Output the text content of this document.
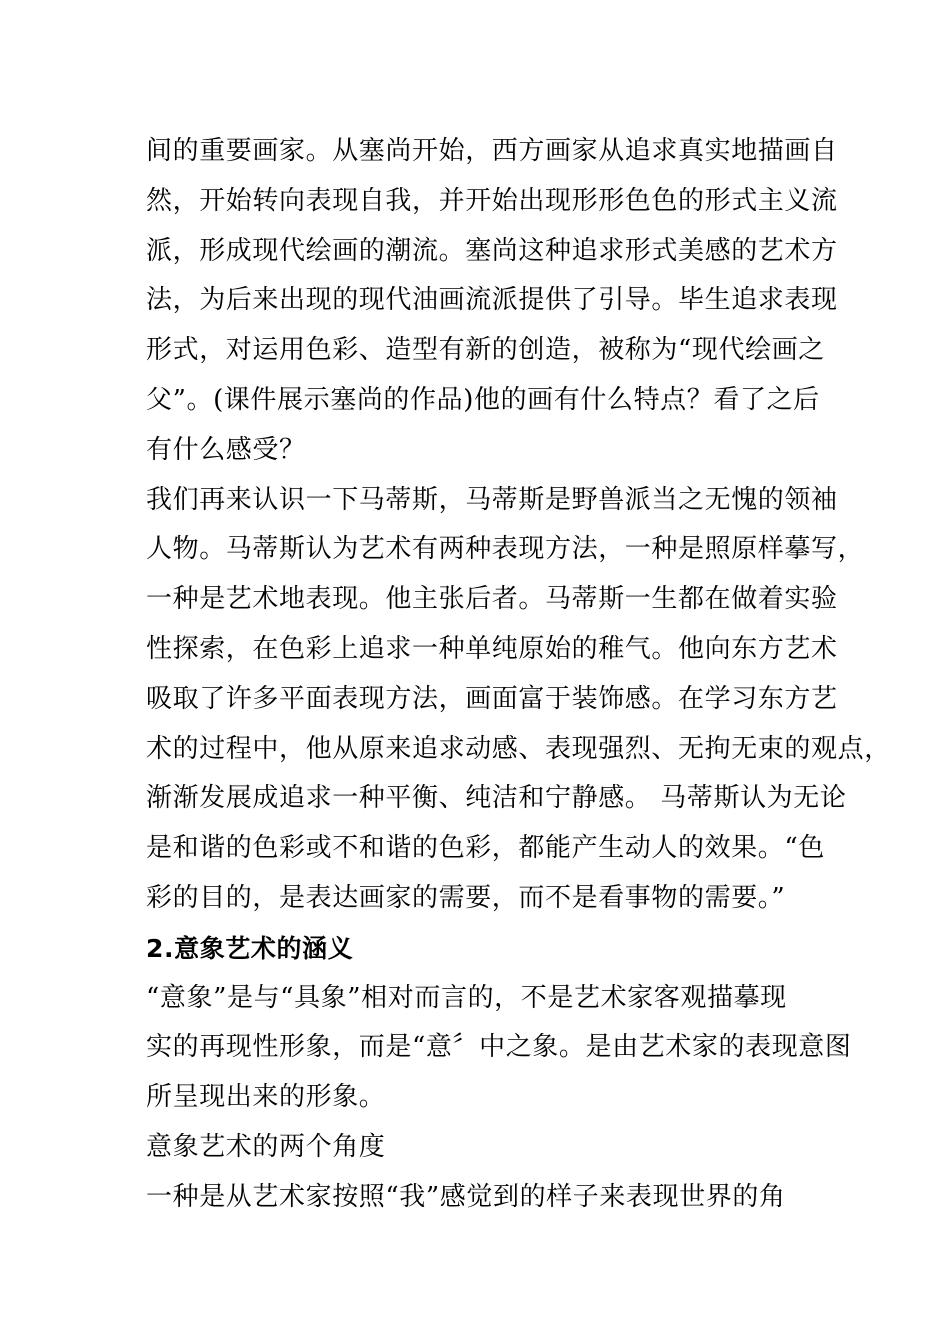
间的重要画家。从塞尚开始，西方画家从追求真实地描画自
然，开始转向表现自我，并开始出现形形色色的形式主义流
派，形成现代绘画的潮流。塞尚这种追求形式美感的艺术方
法，为后来出现的现代油画流派提供了引导。毕生追求表现
形式，对运用色彩、造型有新的创造，被称为“现代绘画之
父”。(课件展示塞尚的作品)他的画有什么特点？看了之后
有什么感受？
我们再来认识一下马蒂斯，马蒂斯是野兽派当之无愧的领袖
人物。马蒂斯认为艺术有两种表现方法，一种是照原样摹写，
一种是艺术地表现。他主张后者。马蒂斯一生都在做着实验
性探索，在色彩上追求一种单纯原始的稚气。他向东方艺术
吸取了许多平面表现方法，画面富于装饰感。在学习东方艺
术的过程中，他从原来追求动感、表现强烈、无拘无束的观点，
渐渐发展成追求一种平衡、纯洁和宁静感。 马蒂斯认为无论
是和谐的色彩或不和谐的色彩，都能产生动人的效果。“色
彩的目的，是表达画家的需要，而不是看事物的需要。”
2.意象艺术的涵义
“意象”是与“具象”相对而言的，不是艺术家客观描摹现
实的再现性形象，而是“意〞中之象。是由艺术家的表现意图
所呈现出来的形象。
意象艺术的两个角度
一种是从艺术家按照“我”感觉到的样子来表现世界的角
